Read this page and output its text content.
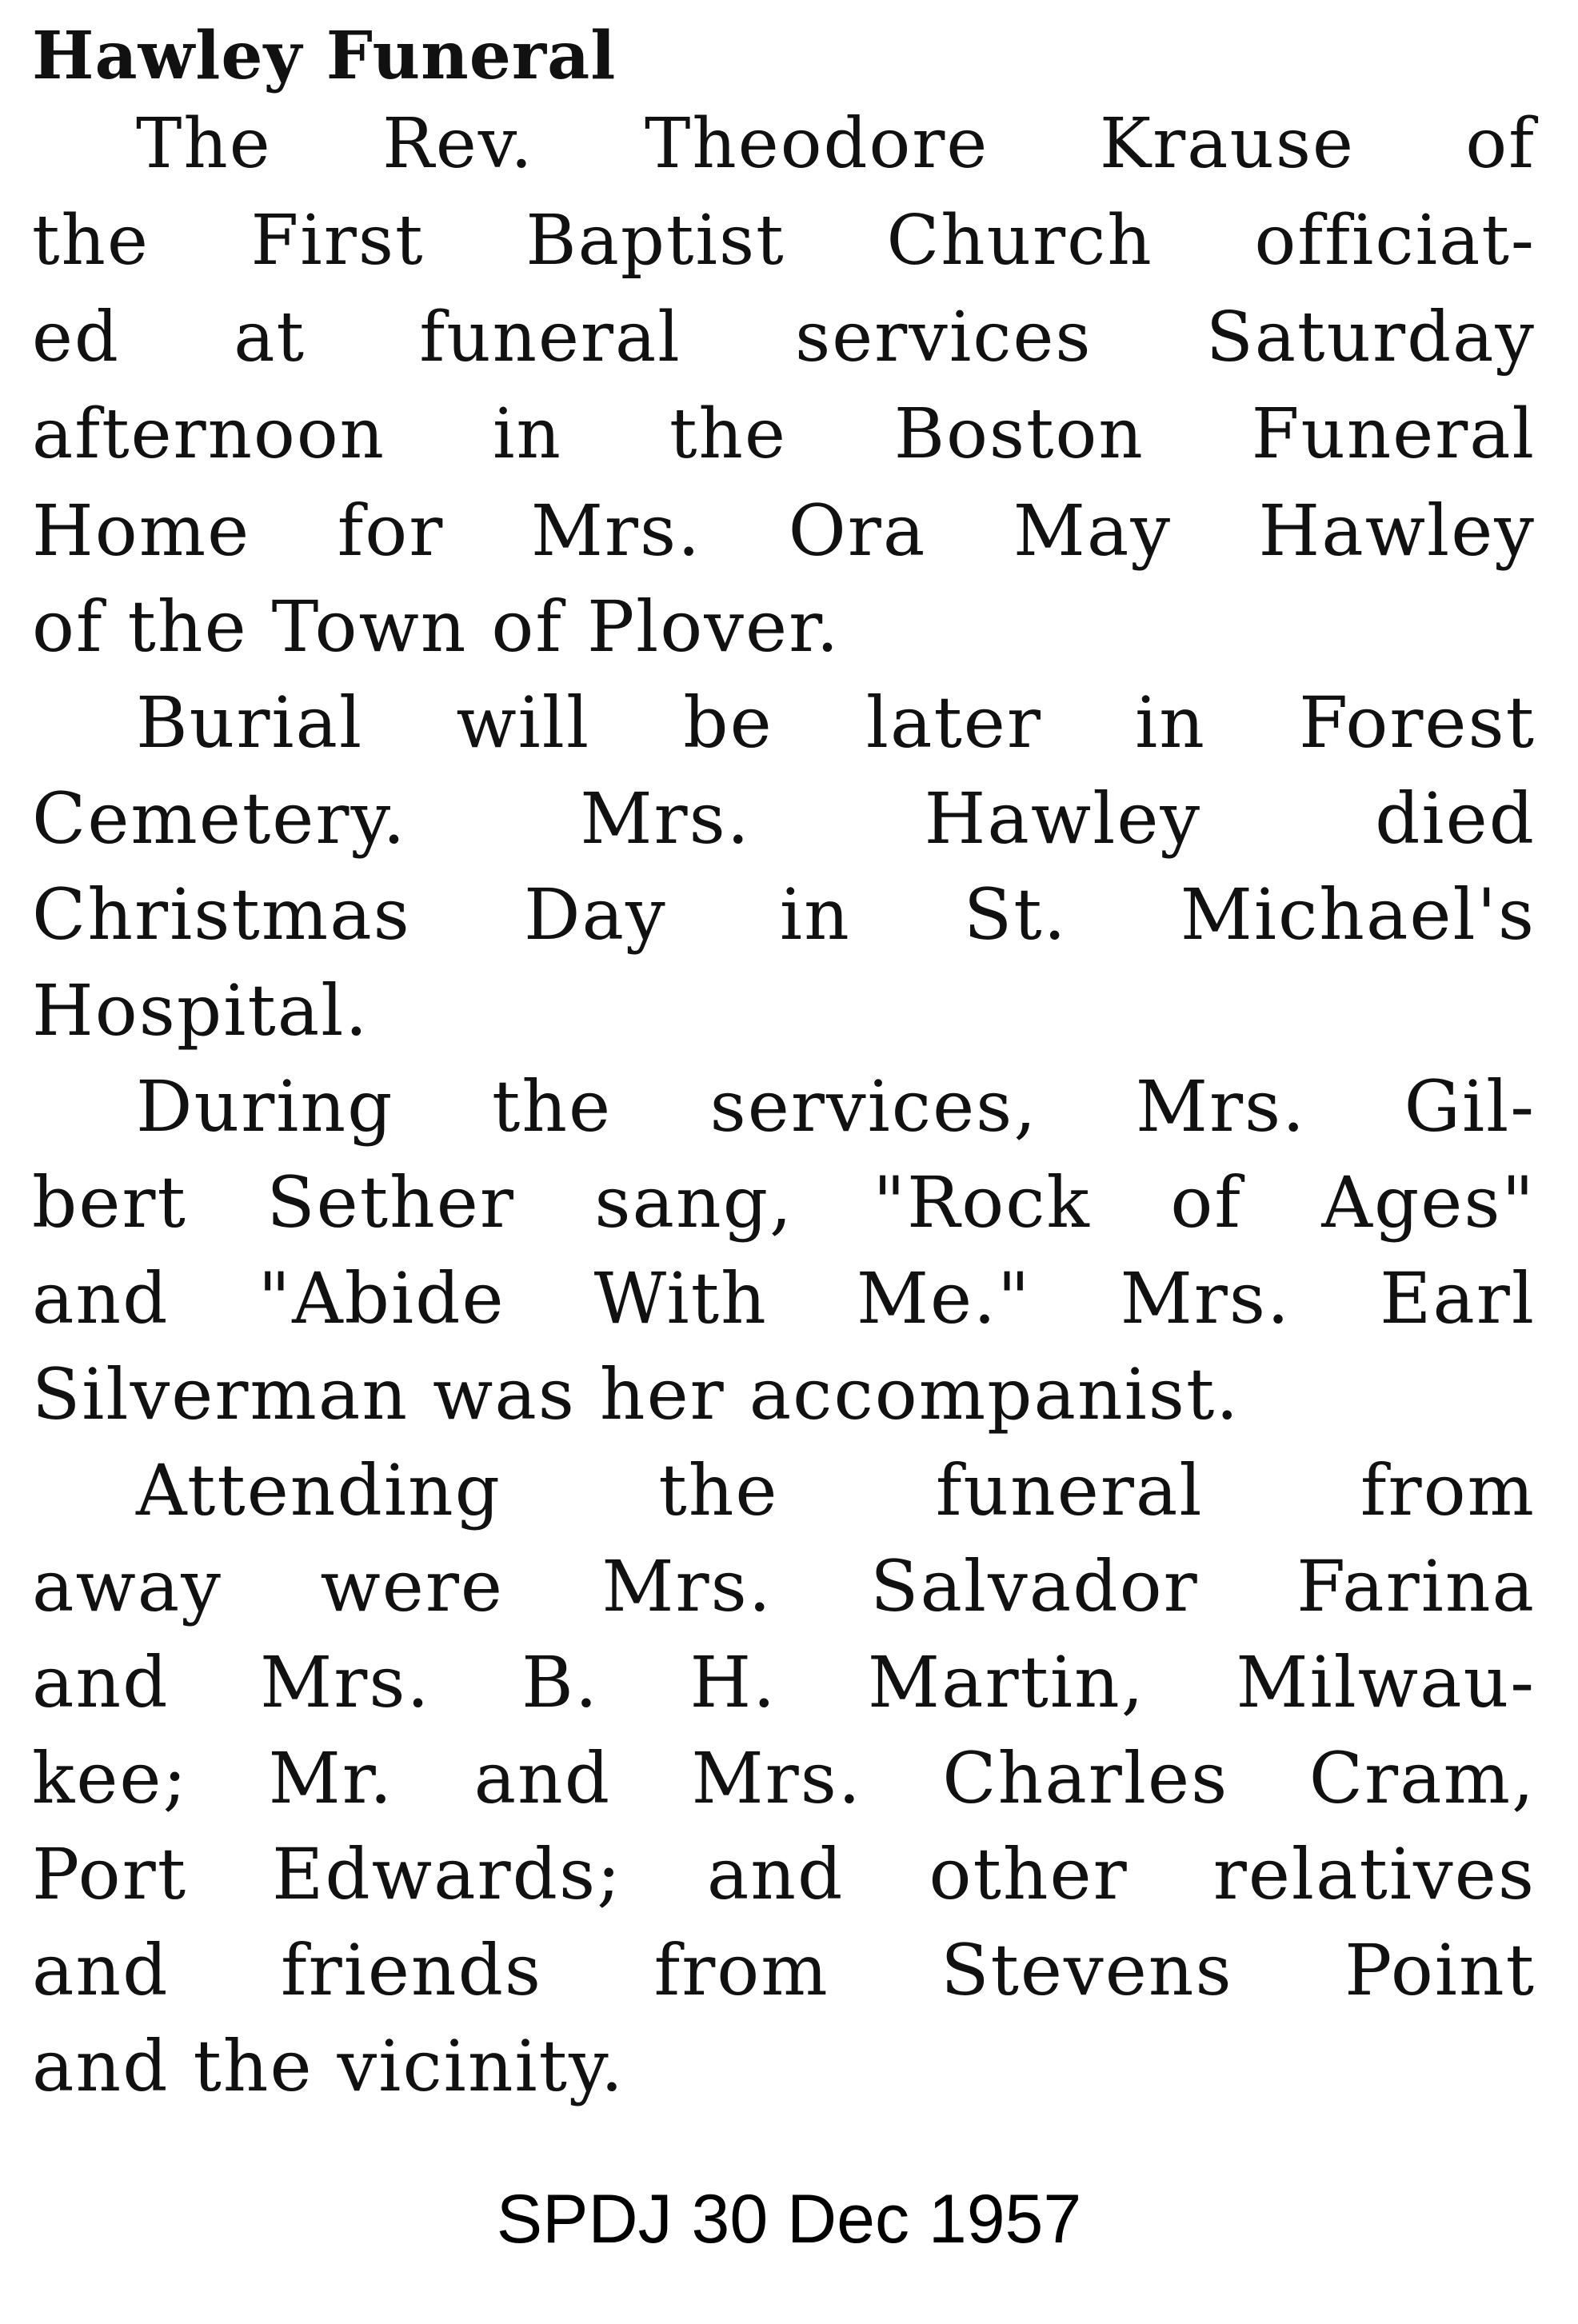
Hawley Funeral

The Rev. Theodore Krause of
the First Baptist Church officiat-
ed at funeral services Saturday
afternoon in the Boston Funeral

Home for Mrs. Ora May Hawley
of the Town of Plover.

Burial will be later in Forest
Cemetery. Mrs. Hawley died
Christmas Day in St. Michael's
Hospital.

During the services, Mrs. Gil-
bert Sether sang, "Rock of Ages"
and "Abide With Me." Mrs. Earl
Silverman was her accompanist.

Attending the funeral from
away were Mrs. Salvador Farina
and Mrs. B. H. Martin, Milwau-
kee; Mr. and Mrs. Charles Cram,
Port Edwards; and other relatives
and friends from Stevens Point
and the vicinity.

SPDJ 30 Dec 1957
